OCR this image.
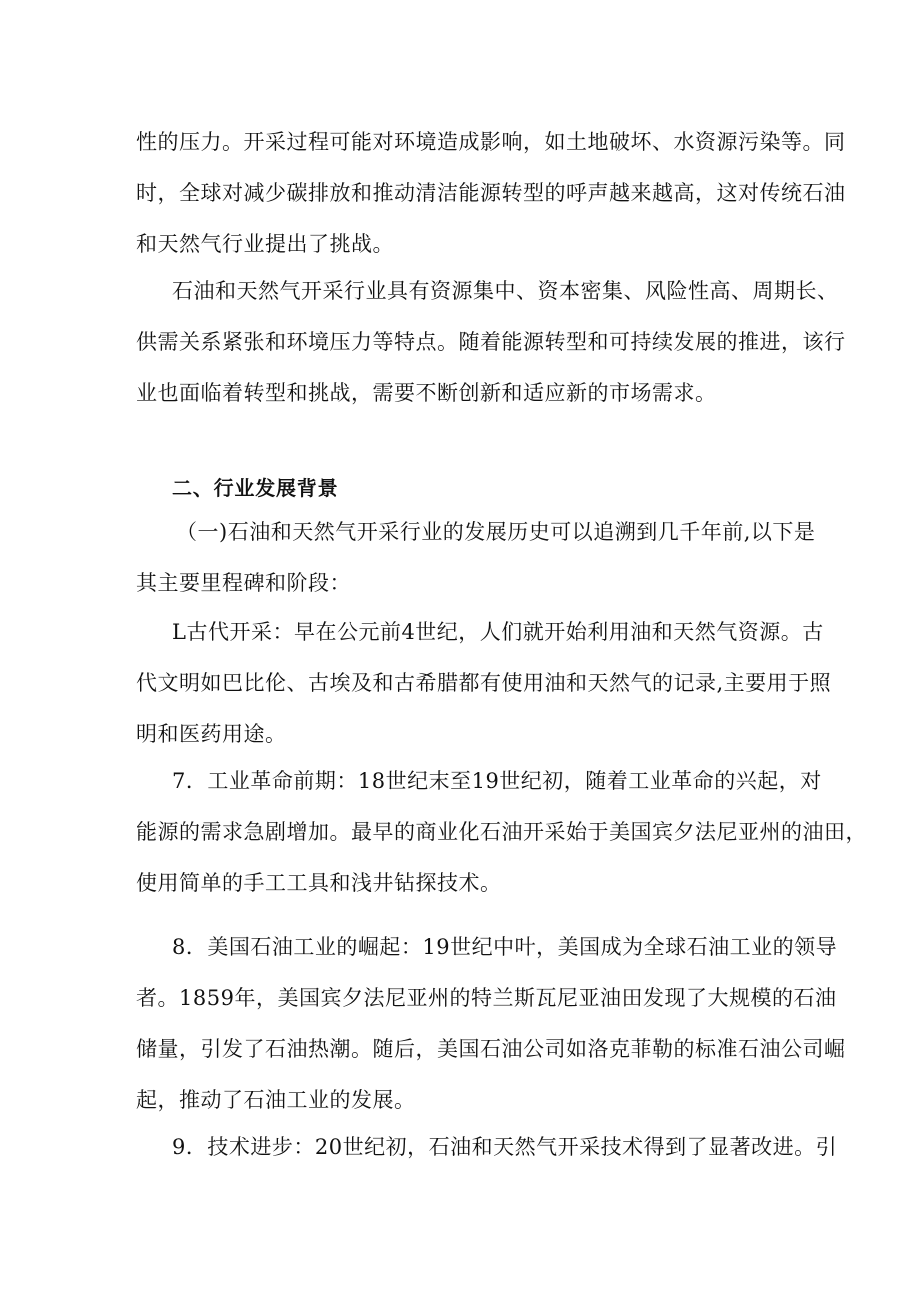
性的压力。开采过程可能对环境造成影响，如土地破坏、水资源污染等。同
时，全球对减少碳排放和推动清洁能源转型的呼声越来越高，这对传统石油
和天然气行业提出了挑战。
石油和天然气开采行业具有资源集中、资本密集、风险性高、周期长、
供需关系紧张和环境压力等特点。随着能源转型和可持续发展的推进，该行
业也面临着转型和挑战，需要不断创新和适应新的市场需求。
二、行业发展背景
（一)石油和天然气开采行业的发展历史可以追溯到几千年前,以下是
其主要里程碑和阶段：
L古代开采：早在公元前4世纪，人们就开始利用油和天然气资源。古
代文明如巴比伦、古埃及和古希腊都有使用油和天然气的记录,主要用于照
明和医药用途。
7．工业革命前期：18世纪末至19世纪初，随着工业革命的兴起，对
能源的需求急剧增加。最早的商业化石油开采始于美国宾夕法尼亚州的油田，
使用简单的手工工具和浅井钻探技术。
8．美国石油工业的崛起：19世纪中叶，美国成为全球石油工业的领导
者。1859年，美国宾夕法尼亚州的特兰斯瓦尼亚油田发现了大规模的石油
储量，引发了石油热潮。随后，美国石油公司如洛克菲勒的标准石油公司崛
起，推动了石油工业的发展。
9．技术进步：20世纪初，石油和天然气开采技术得到了显著改进。引
